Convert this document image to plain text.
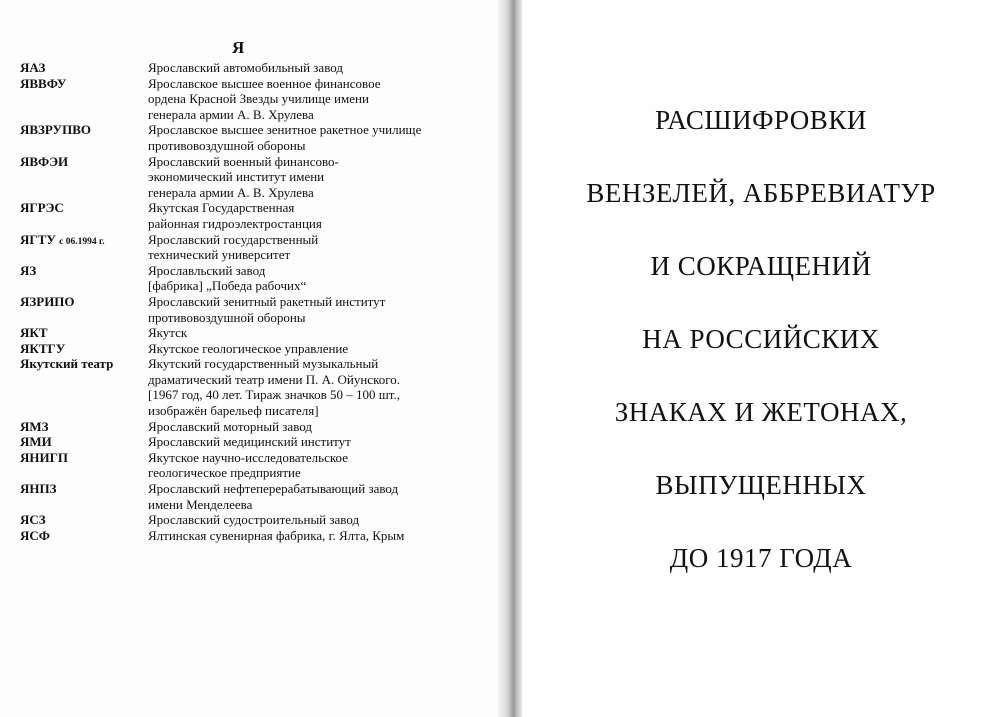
Я
ЯАЗ	Ярославский автомобильный завод
ЯВВФУ	Ярославское высшее военное финансовое
ордена Красной Звезды училище имени
генерала армии А. В. Хрулева
ЯВЗРУПВО	Ярославское высшее зенитное ракетное училище
противовоздушной обороны
ЯВФЭИ	Ярославский военный финансово-
экономический институт имени
генерала армии А. В. Хрулева
ЯГРЭС	Якутская Государственная
районная гидроэлектростанция
ЯГТУ с 06.1994 г.	Ярославский государственный
технический университет
ЯЗ	Ярославльский завод
[фабрика] „Победа рабочих“
ЯЗРИПО	Ярославский зенитный ракетный институт
противовоздушной обороны
ЯКТ	Якутск
ЯКТГУ	Якутское геологическое управление
Якутский театр	Якутский государственный музыкальный
драматический театр имени П. А. Ойунского.
[1967 год, 40 лет. Тираж значков 50 – 100 шт.,
изображён барельеф писателя]
ЯМЗ	Ярославский моторный завод
ЯМИ	Ярославский медицинский институт
ЯНИГП	Якутское научно-исследовательское
геологическое предприятие
ЯНПЗ	Ярославский нефтеперерабатывающий завод
имени Менделеева
ЯСЗ	Ярославский судостроительный завод
ЯСФ	Ялтинская сувенирная фабрика, г. Ялта, Крым
РАСШИФРОВКИ
ВЕНЗЕЛЕЙ, АББРЕВИАТУР
И СОКРАЩЕНИЙ
НА РОССИЙСКИХ
ЗНАКАХ И ЖЕТОНАХ,
ВЫПУЩЕННЫХ
ДО 1917 ГОДА
